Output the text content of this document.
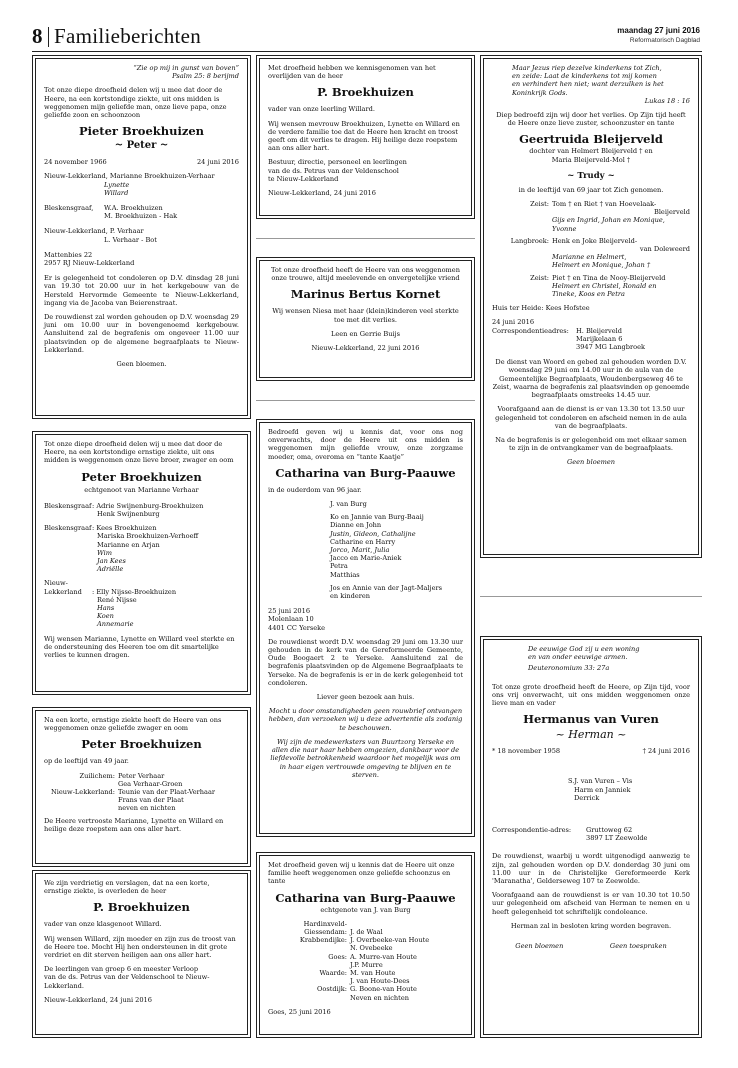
8 Familieberichten	maandag 27 juni 2016
Reformatorisch Dagblad
“Zie op mij in gunst van boven”
Psalm 25: 8 berijmd

Tot onze diepe droefheid delen wij u mee dat door de Heere, na een kortstondige ziekte, uit ons midden is weggenomen mijn geliefde man, onze lieve papa, onze geliefde zoon en schoonzoon

Pieter Broekhuizen
~ Peter ~
24 november 1966	24 juni 2016
Nieuw-Lekkerland, Marianne Broekhuizen-Verhaar
Lynette
Willard
Bleskensgraaf,	W.A. Broekhuizen
M. Broekhuizen - Hak
Nieuw-Lekkerland, P. Verhaar
L. Verhaar - Bot
Mattenbies 22
2957 RJ Nieuw-Lekkerland

Er is gelegenheid tot condoleren op D.V. dinsdag 28 juni van 19.30 tot 20.00 uur in het kerkgebouw van de Hersteld Hervormde Gemeente te Nieuw-Lekkerland, ingang via de Jacoba van Beierenstraat.

De rouwdienst zal worden gehouden op D.V. woensdag 29 juni om 10.00 uur in bovengenoemd kerkgebouw. Aansluitend zal de begrafenis om ongeveer 11.00 uur plaatsvinden op de algemene begraafplaats te Nieuw-Lekkerland.

Geen bloemen.

Tot onze diepe droefheid delen wij u mee dat door de Heere, na een kortstondige ernstige ziekte, uit ons midden is weggenomen onze lieve broer, zwager en oom

Peter Broekhuizen
echtgenoot van Marianne Verhaar
Bleskensgraaf : Adrie Swijnenburg-Broekhuizen
Henk Swijnenburg
Bleskensgraaf : Kees Broekhuizen
Mariska Broekhuizen-Verhoeff
Marianne en Arjan
Wim
Jan Kees
Adriëlle
Nieuw-
Lekkerland	: Elly Nijsse-Broekhuizen
René Nijsse
Hans
Koen
Annemarie

Wij wensen Marianne, Lynette en Willard veel sterkte en de ondersteuning des Heeren toe om dit smartelijke verlies te kunnen dragen.

Na een korte, ernstige ziekte heeft de Heere van ons weggenomen onze geliefde zwager en oom

Peter Broekhuizen

op de leeftijd van 49 jaar.

Zuilichem: Peter Verhaar
Gea Verhaar-Groen
Nieuw-Lekkerland: Teunie van der Plaat-Verhaar
Frans van der Plaat
neven en nichten

De Heere vertrooste Marianne, Lynette en Willard en heilige deze roepstem aan ons aller hart.

We zijn verdrietig en verslagen, dat na een korte, ernstige ziekte, is overleden de heer

P. Broekhuizen

vader van onze klasgenoot Willard.

Wij wensen Willard, zijn moeder en zijn zus de troost van de Heere toe. Mocht Hij hen ondersteunen in dit grote verdriet en dit sterven heiligen aan ons aller hart.

De leerlingen van groep 6 en meester Verloop

van de ds. Petrus van der Veldenschool te Nieuw-Lekkerland.

Nieuw-Lekkerland, 24 juni 2016

Met droefheid hebben we kennisgenomen van het overlijden van de heer

P. Broekhuizen

vader van onze leerling Willard.

Wij wensen mevrouw Broekhuizen, Lynette en Willard en de verdere familie toe dat de Heere hen kracht en troost geeft om dit verlies te dragen. Hij heilige deze roepstem aan ons aller hart.

Bestuur, directie, personeel en leerlingen
van de ds. Petrus van der Veldenschool

te Nieuw-Lekkerland

Nieuw-Lekkerland, 24 juni 2016

Tot onze droefheid heeft de Heere van ons weggenomen onze trouwe, altijd meelevende en onvergetelijke vriend

Marinus Bertus Kornet

Wij wensen Niesa met haar (klein)kinderen veel sterkte toe met dit verlies.

Leen en Gerrie Buijs

Nieuw-Lekkerland, 22 juni 2016

Bedroefd geven wij u kennis dat, voor ons nog onverwachts, door de Heere uit ons midden is weggenomen mijn geliefde vrouw, onze zorgzame moeder, oma, overoma en “tante Kaatje”

Catharina van Burg-Paauwe

in de ouderdom van 96 jaar.

J. van Burg
Ko en Jannie van Burg-Baaij
Dianne en John
Justin, Gideon, Cathalijne
Catharine en Harry
Jorco, Marit, Julia
Jacco en Marie-Aniek
Petra
Matthias
Jos en Annie van der Jagt-Maljers
en kinderen
25 juni 2016
Molenlaan 10

4401 CC Yerseke

De rouwdienst wordt D.V. woensdag 29 juni om 13.30 uur gehouden in de kerk van de Gereformeerde Gemeente, Oude Boogaert 2 te Yerseke. Aansluitend zal de begrafenis plaatsvinden op de Algemene Begraafplaats te Yerseke. Na de begrafenis is er in de kerk gelegenheid tot condoleren.

Liever geen bezoek aan huis.

Mocht u door omstandigheden geen rouwbrief ontvangen hebben, dan verzoeken wij u deze advertentie als zodanig te beschouwen.

Wij zijn de medewerksters van Buurtzorg Yerseke en allen die naar haar hebben omgezien, dankbaar voor de liefdevolle betrokkenheid waardoor het mogelijk was om in haar eigen vertrouwde omgeving te blijven en te sterven.

Met droefheid geven wij u kennis dat de Heere uit onze familie heeft weggenomen onze geliefde schoonzus en tante

Catharina van Burg-Paauwe
echtgenote van J. van Burg
Hardinxveld-
Giessendam: J. de Waal
Krabbendijke: J. Overbeeke-van Houte
N. Ovebeeke
Goes: A. Murre-van Houte
J.P. Murre
Waarde: M. van Houte
J. van Houte-Dees
Oostdijk: G. Boone-van Houte
Neven en nichten
Goes, 25 juni 2016
Maar Jezus riep dezelve kinderkens tot Zich,
en zeide: Laat de kinderkens tot mij komen
en verhindert hen niet; want derzulken is het
Koninkrijk Gods.
Lukas 18 : 16

Diep bedroefd zijn wij door het verlies. Op Zijn tijd heeft de Heere onze lieve zuster, schoonzuster en tante

Geertruida Bleijerveld
dochter van Helmert Bleijerveld † en
Maria Bleijerveld-Mol †
~ Trudy ~

in de leeftijd van 69 jaar tot Zich genomen.

Zeist: Tom † en Riet † van Hoevelaak-
Bleijerveld
Gijs en Ingrid, Johan en Monique,
Yvonne
Langbroek: Henk en Joke Bleijerveld-
van Doleweerd
Marianne en Helmert,
Helmert en Monique, Johan †
Zeist: Piet † en Tina de Nooy-Bleijerveld
Helmert en Christel, Ronald en
Tineke, Koos en Petra

Huis ter Heide: Kees Hofstee

24 juni 2016
Correspondentieadres:	H. Bleijerveld
Marijkelaan 6
3947 MG Langbroek

De dienst van Woord en gebed zal gehouden worden D.V. woensdag 29 juni om 14.00 uur in de aula van de Gemeentelijke Begraafplaats, Woudenbergseweg 46 te Zeist, waarna de begrafenis zal plaatsvinden op genoemde begraafplaats omstreeks 14.45 uur.

Voorafgaand aan de dienst is er van 13.30 tot 13.50 uur gelegenheid tot condoleren en afscheid nemen in de aula van de begraafplaats.

Na de begrafenis is er gelegenheid om met elkaar samen te zijn in de ontvangkamer van de begraafplaats.

Geen bloemen
De eeuwige God zij u een woning
en van onder eeuwige armen.
Deuteronomium 33: 27a

Tot onze grote droefheid heeft de Heere, op Zijn tijd, voor ons vrij onverwacht, uit ons midden weggenomen onze lieve man en vader

Hermanus van Vuren
~ Herman ~
* 18 november 1958	† 24 juni 2016
S.J. van Vuren – Vis
Harm en Janniek
Derrick
Correspondentie-adres:	Gruttoweg 62
3897 LT Zeewolde

De rouwdienst, waarbij u wordt uitgenodigd aanwezig te zijn, zal gehouden worden op D.V. donderdag 30 juni om 11.00 uur in de Christelijke Gereformeerde Kerk 'Maranatha', Gelderseweg 107 te Zeewolde.

Voorafgaand aan de rouwdienst is er van 10.30 tot 10.50 uur gelegenheid om afscheid van Herman te nemen en u heeft gelegenheid tot schriftelijk condoleance.

Herman zal in besloten kring worden begraven.

Geen bloemen	Geen toespraken
